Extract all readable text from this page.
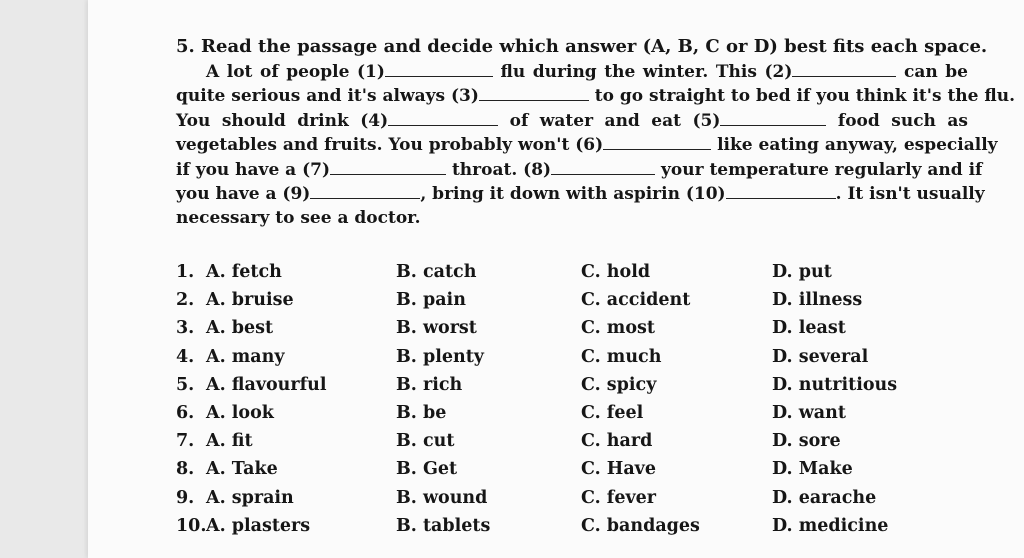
5. Read the passage and decide which answer (A, B, C or D) best fits each space.
A lot of people (1)	flu during the winter. This (2)	can be
quite serious and it's always (3)	to go straight to bed if you think it's the flu.
You should drink (4)	of water and eat (5)	food such as
vegetables and fruits. You probably won't (6)	like eating anyway, especially
if you have a (7)	throat. (8)	your temperature regularly and if
you have a (9)	, bring it down with aspirin (10)	. It isn't usually
necessary to see a doctor.
1. A. fetch	B. catch	C. hold	D. put
2. A. bruise	B. pain	C. accident	D. illness
3. A. best	B. worst	C. most	D. least
4. A. many	B. plenty	C. much	D. several
5. A. flavourful	B. rich	C. spicy	D. nutritious
6. A. look	B. be	C. feel	D. want
7. A. fit	B. cut	C. hard	D. sore
8. A. Take	B. Get	C. Have	D. Make
9. A. sprain	B. wound	C. fever	D. earache
10. A. plasters	B. tablets	C. bandages	D. medicine
